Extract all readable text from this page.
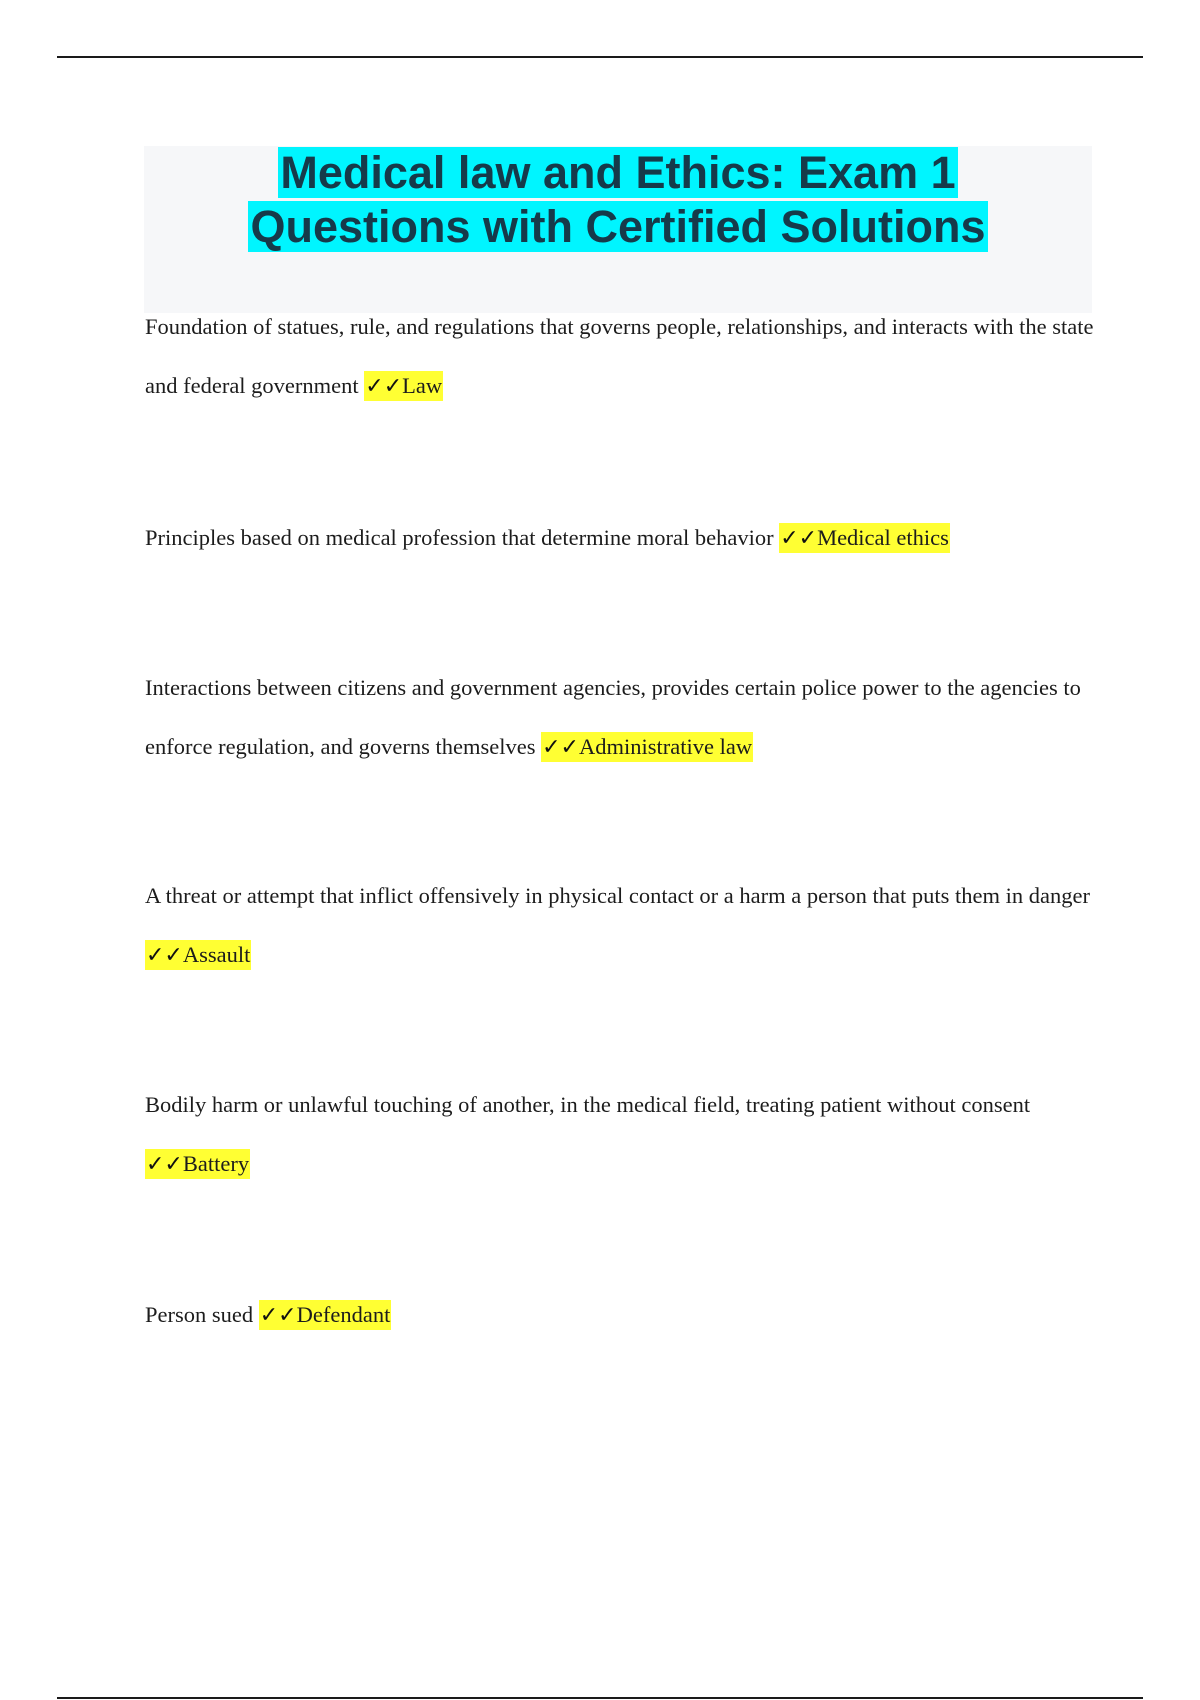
Medical law and Ethics: Exam 1
Questions with Certified Solutions

Foundation of statues, rule, and regulations that governs people, relationships, and interacts with the state and federal government ✓✓Law

Principles based on medical profession that determine moral behavior ✓✓Medical ethics

Interactions between citizens and government agencies, provides certain police power to the agencies to enforce regulation, and governs themselves ✓✓Administrative law

A threat or attempt that inflict offensively in physical contact or a harm a person that puts them in danger ✓✓Assault

Bodily harm or unlawful touching of another, in the medical field, treating patient without consent ✓✓Battery

Person sued ✓✓Defendant
